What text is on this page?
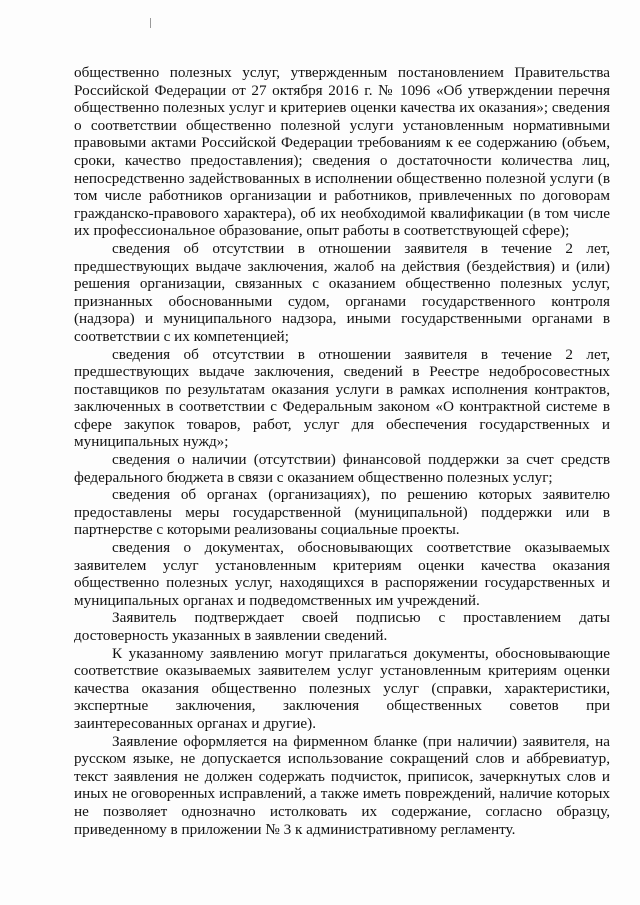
общественно полезных услуг, утвержденным постановлением Правительства Российской Федерации от 27 октября 2016 г. № 1096 «Об утверждении перечня общественно полезных услуг и критериев оценки качества их оказания»; сведения о соответствии общественно полезной услуги установленным нормативными правовыми актами Российской Федерации требованиям к ее содержанию (объем, сроки, качество предоставления); сведения о достаточности количества лиц, непосредственно задействованных в исполнении общественно полезной услуги (в том числе работников организации и работников, привлеченных по договорам гражданско-правового характера), об их необходимой квалификации (в том числе их профессиональное образование, опыт работы в соответствующей сфере);

сведения об отсутствии в отношении заявителя в течение 2 лет, предшествующих выдаче заключения, жалоб на действия (бездействия) и (или) решения организации, связанных с оказанием общественно полезных услуг, признанных обоснованными судом, органами государственного контроля (надзора) и муниципального надзора, иными государственными органами в соответствии с их компетенцией;

сведения об отсутствии в отношении заявителя в течение 2 лет, предшествующих выдаче заключения, сведений в Реестре недобросовестных поставщиков по результатам оказания услуги в рамках исполнения контрактов, заключенных в соответствии с Федеральным законом «О контрактной системе в сфере закупок товаров, работ, услуг для обеспечения государственных и муниципальных нужд»;

сведения о наличии (отсутствии) финансовой поддержки за счет средств федерального бюджета в связи с оказанием общественно полезных услуг;

сведения об органах (организациях), по решению которых заявителю предоставлены меры государственной (муниципальной) поддержки или в партнерстве с которыми реализованы социальные проекты.

сведения о документах, обосновывающих соответствие оказываемых заявителем услуг установленным критериям оценки качества оказания общественно полезных услуг, находящихся в распоряжении государственных и муниципальных органах и подведомственных им учреждений.

Заявитель подтверждает своей подписью с проставлением даты достоверность указанных в заявлении сведений.

К указанному заявлению могут прилагаться документы, обосновывающие соответствие оказываемых заявителем услуг установленным критериям оценки качества оказания общественно полезных услуг (справки, характеристики, экспертные заключения, заключения общественных советов при заинтересованных органах и другие).

Заявление оформляется на фирменном бланке (при наличии) заявителя, на русском языке, не допускается использование сокращений слов и аббревиатур, текст заявления не должен содержать подчисток, приписок, зачеркнутых слов и иных не оговоренных исправлений, а также иметь повреждений, наличие которых не позволяет однозначно истолковать их содержание, согласно образцу, приведенному в приложении № 3 к административному регламенту.
